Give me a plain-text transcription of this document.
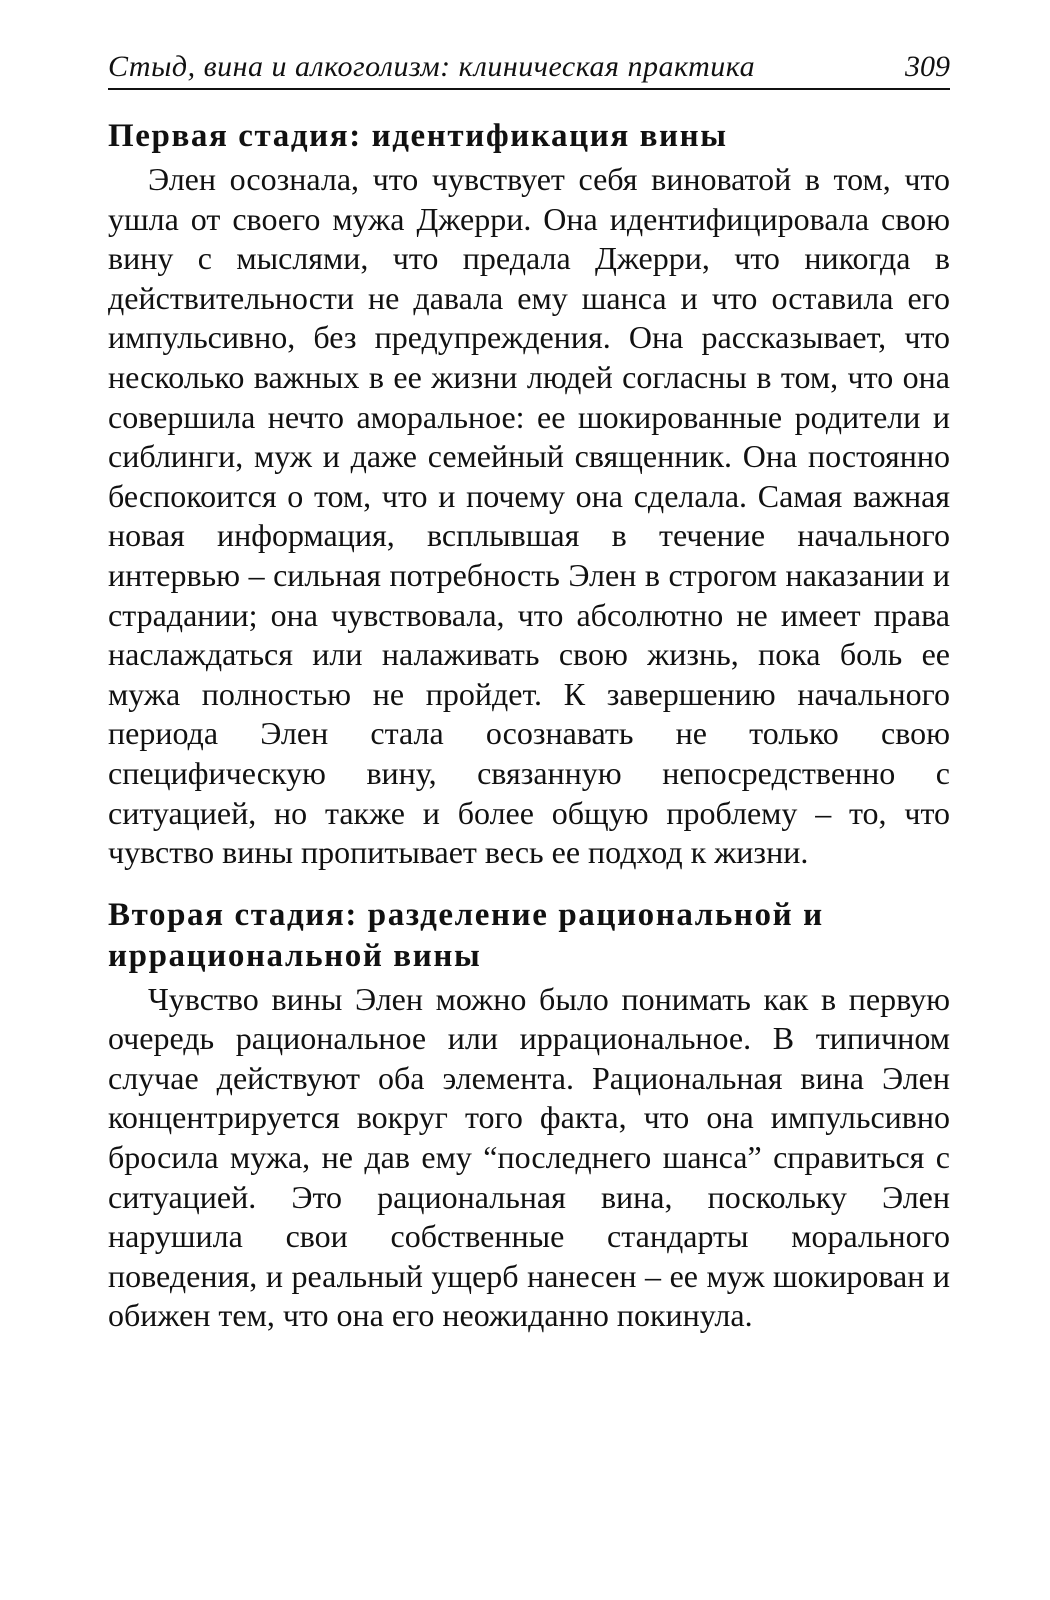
Стыд, вина и алкоголизм: клиническая практика	309
Первая стадия: идентификация вины

Элен осознала, что чувствует себя виноватой в том, что ушла от своего мужа Джерри. Она идентифицировала свою вину с мыслями, что предала Джерри, что никогда в действительности не давала ему шанса и что оставила его импульсивно, без предупреждения. Она рассказывает, что несколько важных в ее жизни людей согласны в том, что она совершила нечто аморальное: ее шокированные родители и сиблинги, муж и даже семейный священник. Она постоянно беспокоится о том, что и почему она сделала. Самая важная новая информация, всплывшая в течение начального интервью – сильная потребность Элен в строгом наказании и страдании; она чувствовала, что абсолютно не имеет права наслаждаться или налаживать свою жизнь, пока боль ее мужа полностью не пройдет. К завершению начального периода Элен стала осознавать не только свою специфическую вину, связанную непосредственно с ситуацией, но также и более общую проблему – то, что чувство вины пропитывает весь ее подход к жизни.

Вторая стадия: разделение рациональной и иррациональной вины

Чувство вины Элен можно было понимать как в первую очередь рациональное или иррациональное. В типичном случае действуют оба элемента. Рациональная вина Элен концентрируется вокруг того факта, что она импульсивно бросила мужа, не дав ему “последнего шанса” справиться с ситуацией. Это рациональная вина, поскольку Элен нарушила свои собственные стандарты морального поведения, и реальный ущерб нанесен – ее муж шокирован и обижен тем, что она его неожиданно покинула.
